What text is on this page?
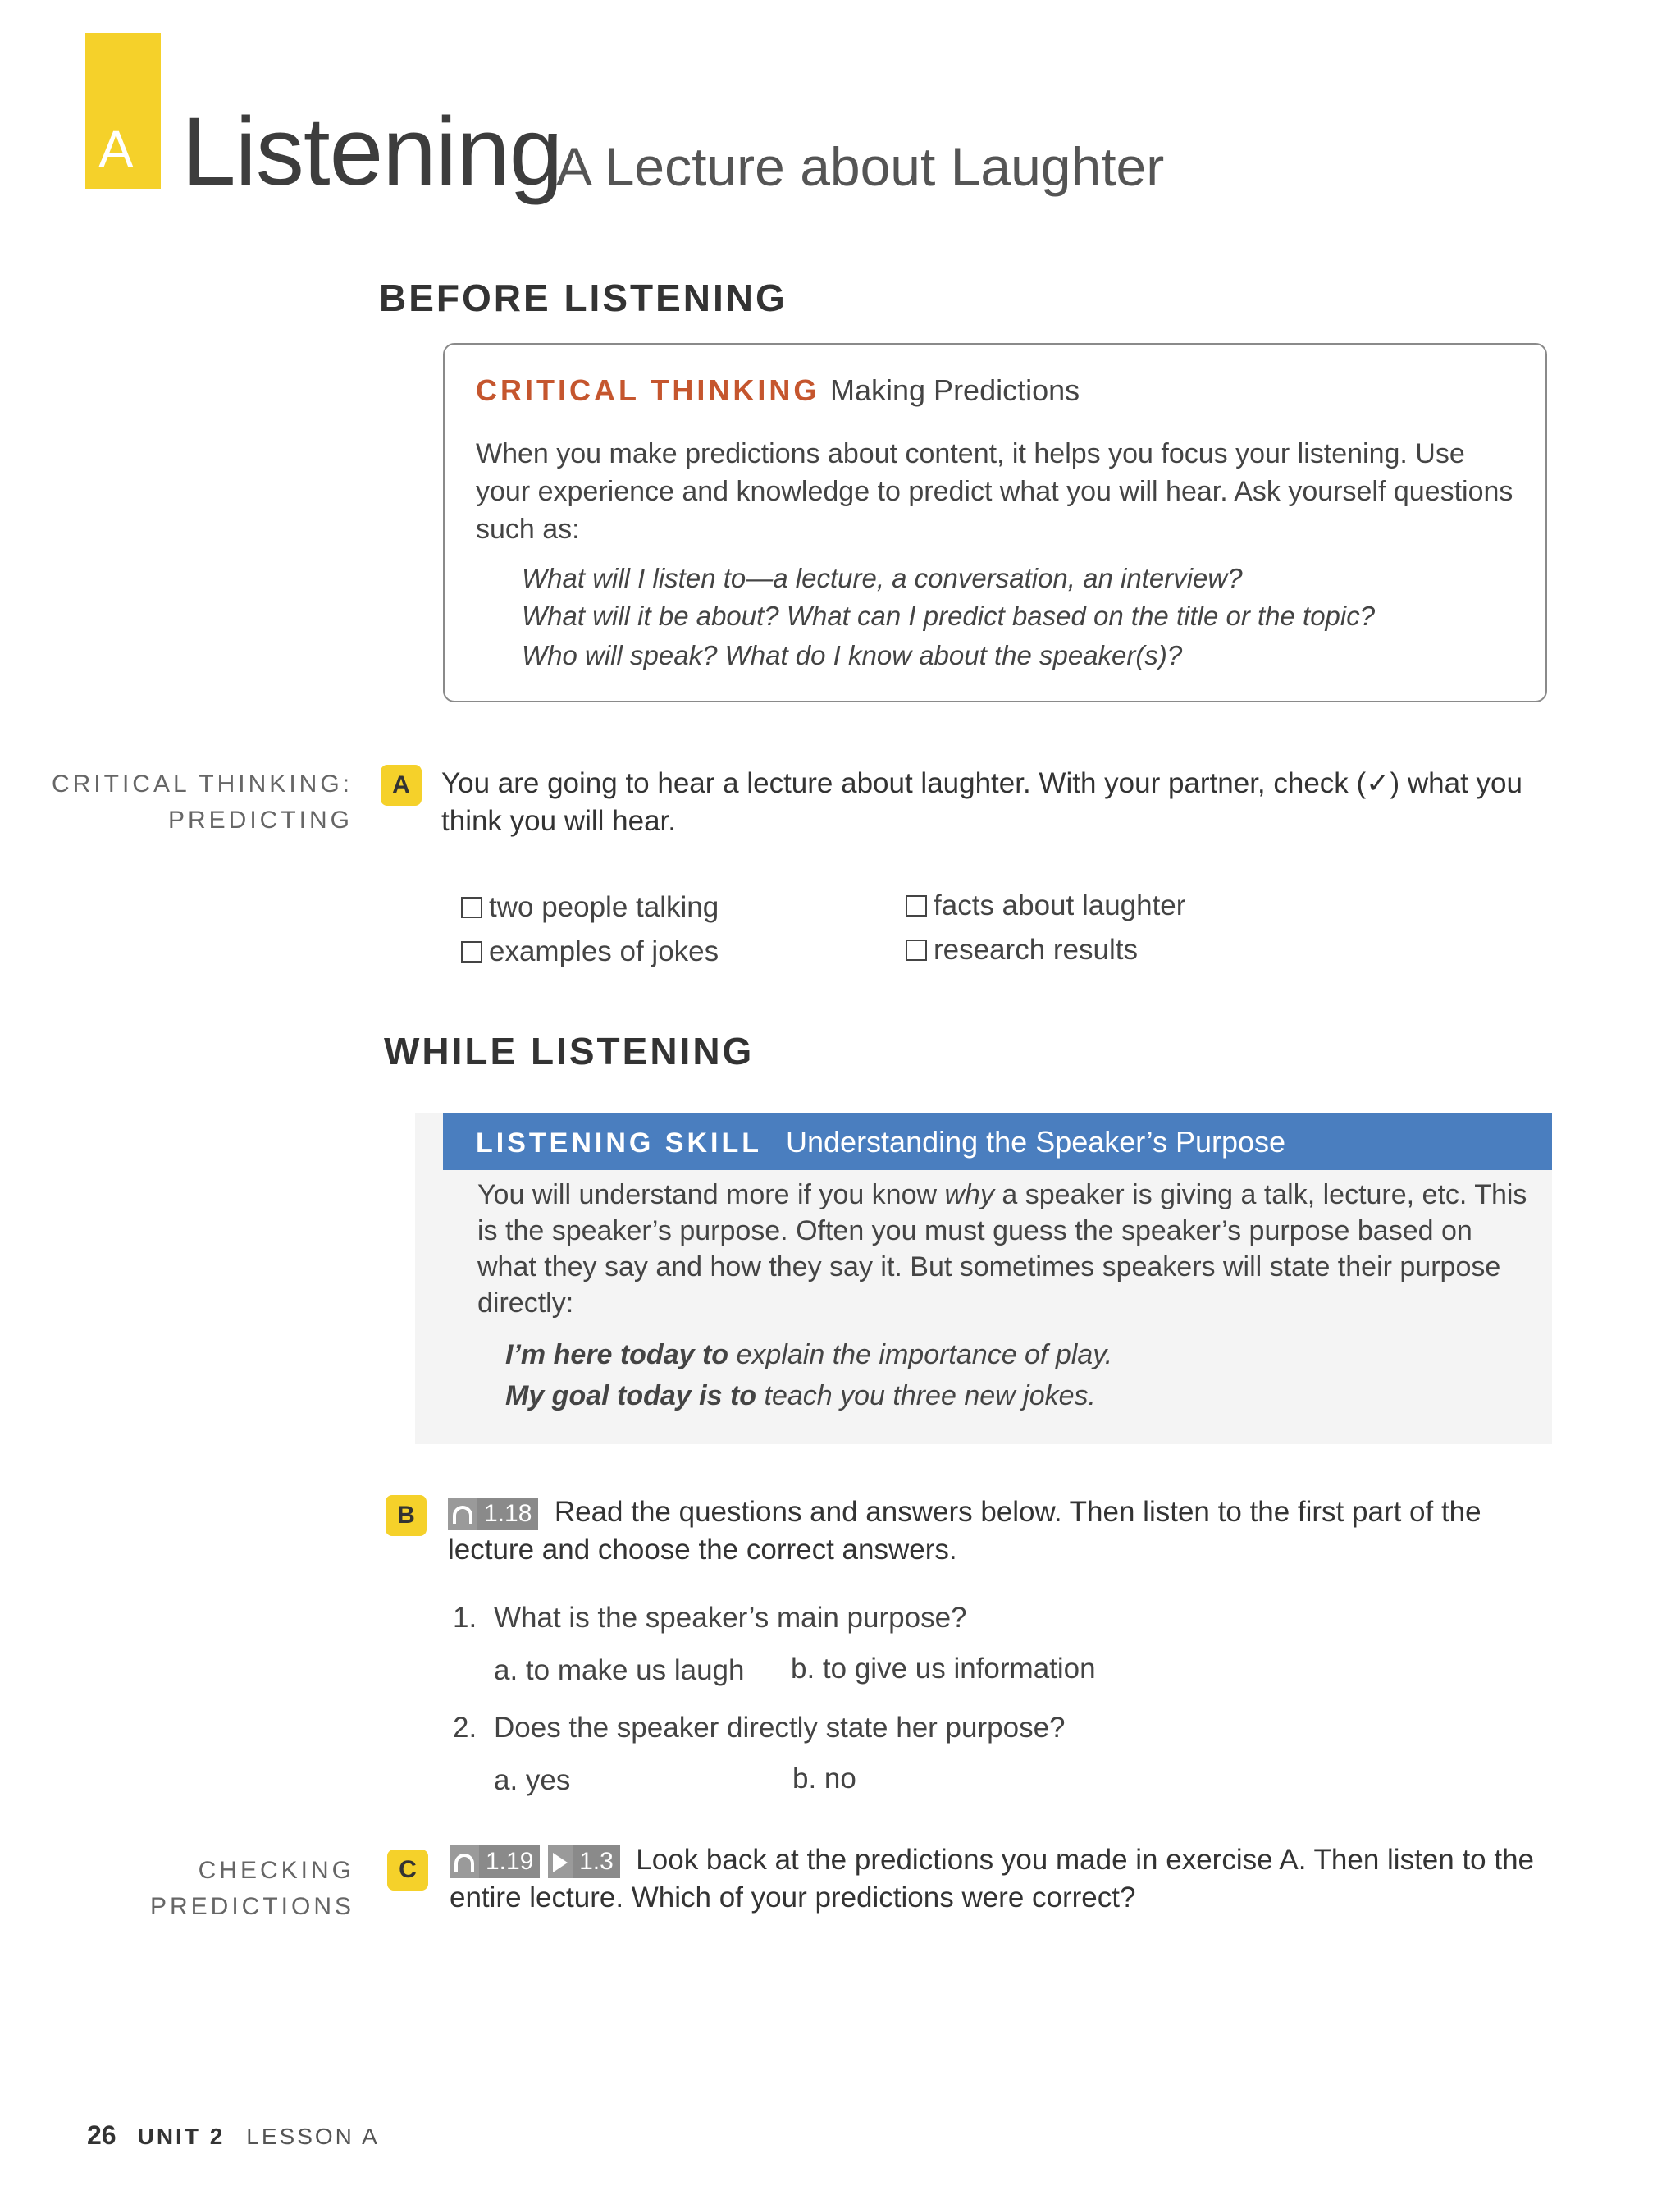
A Listening
A Lecture about Laughter
BEFORE LISTENING
CRITICAL THINKING Making Predictions
When you make predictions about content, it helps you focus your listening. Use your experience and knowledge to predict what you will hear. Ask yourself questions such as:
What will I listen to—a lecture, a conversation, an interview?
What will it be about? What can I predict based on the title or the topic?
Who will speak? What do I know about the speaker(s)?
CRITICAL THINKING:
PREDICTING
A	You are going to hear a lecture about laughter. With your partner, check (✓) what you think you will hear.
two people talking
examples of jokes
facts about laughter
research results
WHILE LISTENING
LISTENING SKILL Understanding the Speaker’s Purpose
You will understand more if you know why a speaker is giving a talk, lecture, etc. This is the speaker’s purpose. Often you must guess the speaker’s purpose based on what they say and how they say it. But sometimes speakers will state their purpose directly:
I’m here today to explain the importance of play.
My goal today is to teach you three new jokes.
B	1.18 Read the questions and answers below. Then listen to the first part of the lecture and choose the correct answers.
1. What is the speaker’s main purpose?
a. to make us laugh b. to give us information
2. Does the speaker directly state her purpose?
a. yes	b. no
CHECKING
PREDICTIONS
C	1.19 1.3 Look back at the predictions you made in exercise A. Then listen to the entire lecture. Which of your predictions were correct?
26 UNIT 2 LESSON A
